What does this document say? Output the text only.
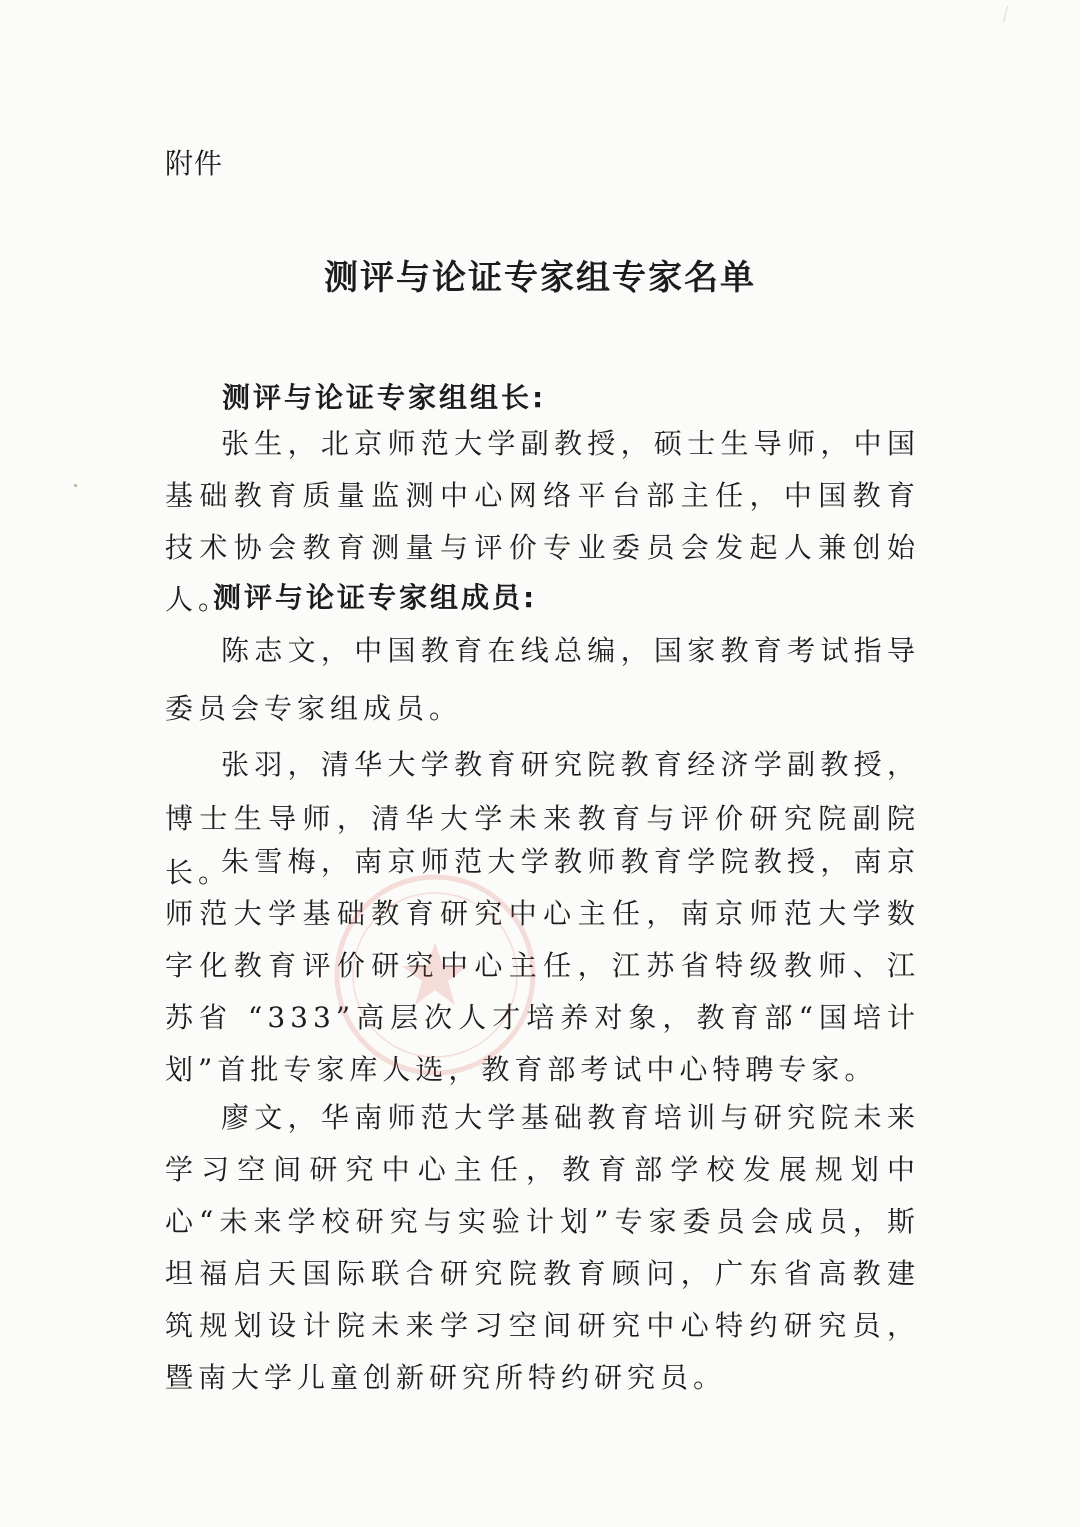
附件
测评与论证专家组专家名单
测评与论证专家组组长:
张生，北京师范大学副教授，硕士生导师，中国基础教育质量监测中心网络平台部主任，中国教育技术协会教育测量与评价专业委员会发起人兼创始人。
测评与论证专家组成员:
陈志文，中国教育在线总编，国家教育考试指导委员会专家组成员。
张羽，清华大学教育研究院教育经济学副教授，博士生导师，清华大学未来教育与评价研究院副院长。
朱雪梅，南京师范大学教师教育学院教授，南京师范大学基础教育研究中心主任，南京师范大学数字化教育评价研究中心主任，江苏省特级教师、江苏省 “333”高层次人才培养对象，教育部“国培计划”首批专家库人选，教育部考试中心特聘专家。
廖文，华南师范大学基础教育培训与研究院未来学习空间研究中心主任，教育部学校发展规划中心“未来学校研究与实验计划”专家委员会成员，斯坦福启天国际联合研究院教育顾问，广东省高教建筑规划设计院未来学习空间研究中心特约研究员，暨南大学儿童创新研究所特约研究员。
